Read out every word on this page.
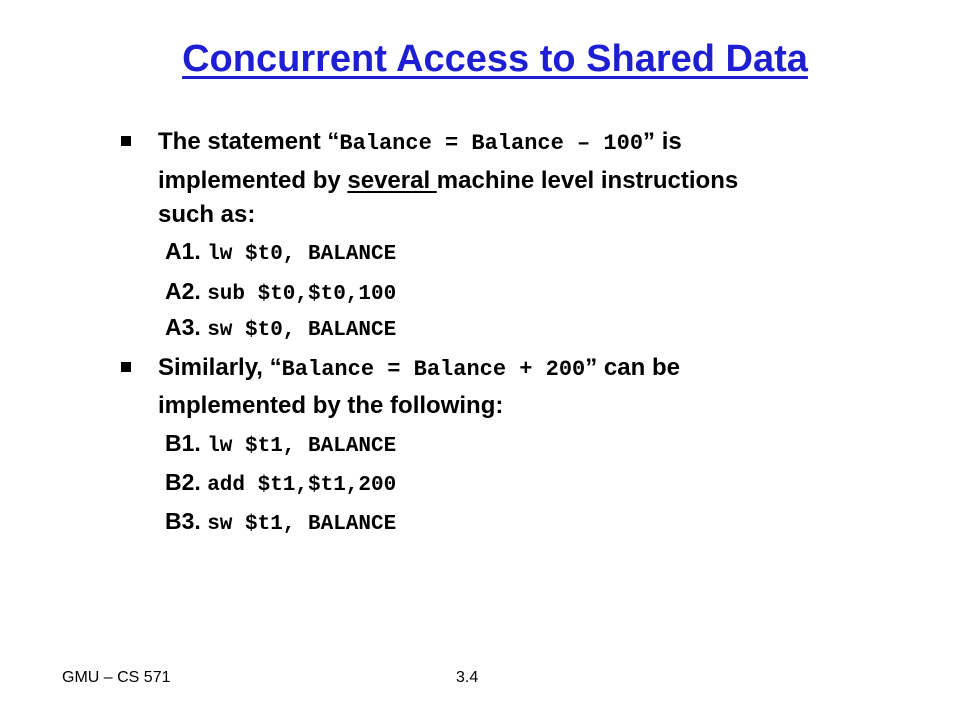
Concurrent Access to Shared Data
The statement “Balance = Balance – 100” is
implemented by several machine level instructions
such as:
A1. lw $t0, BALANCE
A2. sub $t0,$t0,100
A3. sw $t0, BALANCE
Similarly, “Balance = Balance + 200” can be
implemented by the following:
B1. lw $t1, BALANCE
B2. add $t1,$t1,200
B3. sw $t1, BALANCE
GMU – CS 571	3.4
